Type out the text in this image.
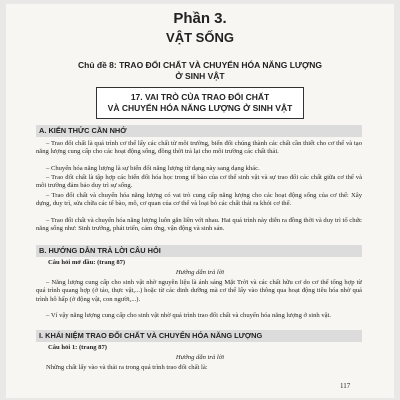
Phần 3.
VẬT SỐNG
Chủ đề 8: TRAO ĐỔI CHẤT VÀ CHUYỂN HÓA NĂNG LƯỢNG
Ở SINH VẬT
17. VAI TRÒ CỦA TRAO ĐỔI CHẤT
VÀ CHUYỂN HÓA NĂNG LƯỢNG Ở SINH VẬT
A. KIẾN THỨC CẦN NHỚ

– Trao đổi chất là quá trình cơ thể lấy các chất từ môi trường, biến đổi chúng thành các chất cần thiết cho cơ thể và tạo năng lượng cung cấp cho các hoạt động sống, đồng thời trả lại cho môi trường các chất thải.

– Chuyển hóa năng lượng là sự biến đổi năng lượng từ dạng này sang dạng khác.

– Trao đổi chất là tập hợp các biến đổi hóa học trong tế bào của cơ thể sinh vật và sự trao đổi các chất giữa cơ thể và môi trường đảm bảo duy trì sự sống.

– Trao đổi chất và chuyển hóa năng lượng có vai trò cung cấp năng lượng cho các hoạt động sống của cơ thể: Xây dựng, duy trì, sửa chữa các tế bào, mô, cơ quan của cơ thể và loại bỏ các chất thải ra khỏi cơ thể.

– Trao đổi chất và chuyển hóa năng lượng luôn gắn liền với nhau. Hai quá trình này diễn ra đồng thời và duy trì tổ chức năng sống như: Sinh trưởng, phát triển, cảm ứng, vận động và sinh sản.

B. HƯỚNG DẪN TRẢ LỜI CÂU HỎI
Câu hỏi mở đầu: (trang 87)
Hướng dẫn trả lời

– Năng lượng cung cấp cho sinh vật nhờ nguyên liệu là ánh sáng Mặt Trời và các chất hữu cơ do cơ thể tổng hợp từ quá trình quang hợp (ở tảo, thực vật,...) hoặc từ các dinh dưỡng mà cơ thể lấy vào thông qua hoạt động tiêu hóa nhờ quá trình hô hấp (ở động vật, con người,...).

– Ví vậy năng lượng cung cấp cho sinh vật nhờ quá trình trao đổi chất và chuyển hóa năng lượng ở sinh vật.

I. KHÁI NIỆM TRAO ĐỔI CHẤT VÀ CHUYỂN HÓA NĂNG LƯỢNG
Câu hỏi 1: (trang 87)
Hướng dẫn trả lời

Những chất lấy vào và thải ra trong quá trình trao đổi chất là:

117
